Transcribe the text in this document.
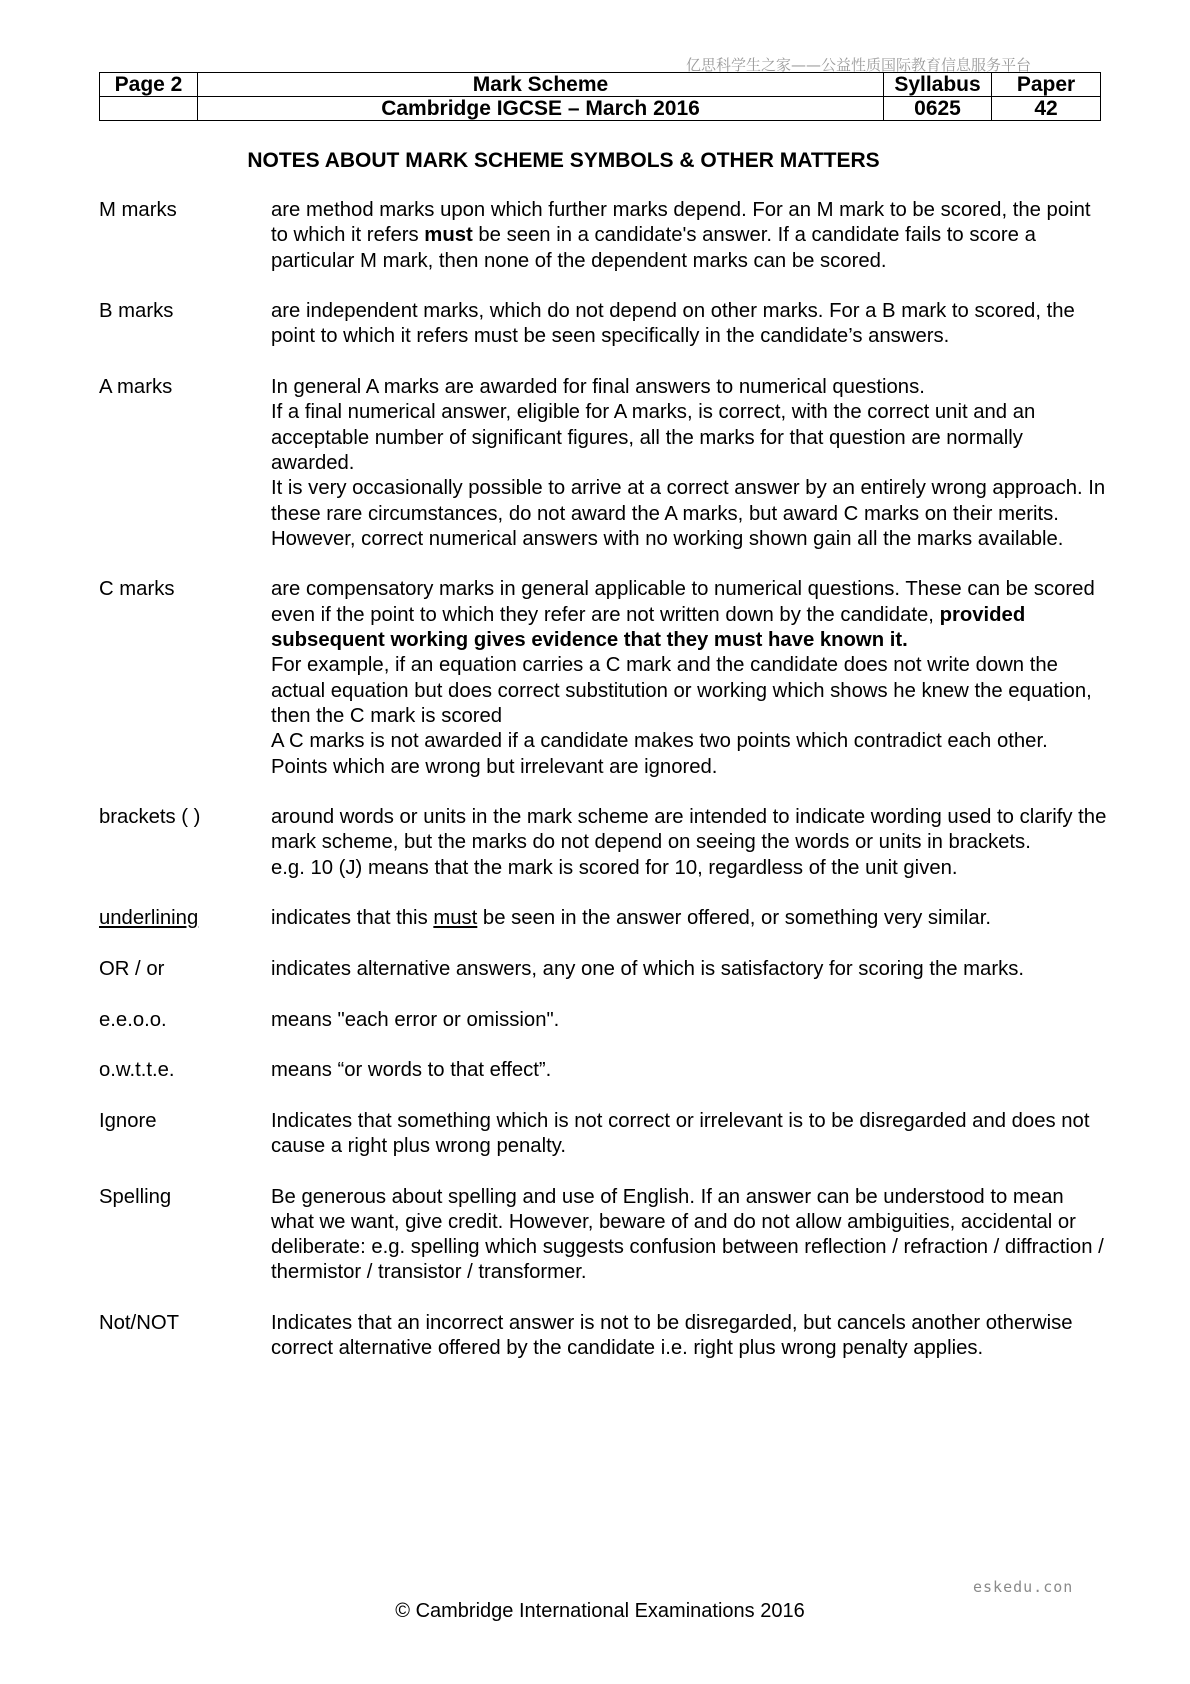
亿思科学生之家——公益性质国际教育信息服务平台
Page 2	Mark Scheme	Syllabus	Paper
	Cambridge IGCSE – March 2016	0625	42
NOTES ABOUT MARK SCHEME SYMBOLS & OTHER MATTERS
M marks	are method marks upon which further marks depend. For an M mark to be scored, the point to which it refers must be seen in a candidate's answer. If a candidate fails to score a particular M mark, then none of the dependent marks can be scored.

B marks	are independent marks, which do not depend on other marks. For a B mark to scored, the point to which it refers must be seen specifically in the candidate’s answers.

A marks	In general A marks are awarded for final answers to numerical questions.

If a final numerical answer, eligible for A marks, is correct, with the correct unit and an acceptable number of significant figures, all the marks for that question are normally awarded.

It is very occasionally possible to arrive at a correct answer by an entirely wrong approach. In these rare circumstances, do not award the A marks, but award C marks on their merits. However, correct numerical answers with no working shown gain all the marks available.

C marks	are compensatory marks in general applicable to numerical questions. These can be scored even if the point to which they refer are not written down by the candidate, provided subsequent working gives evidence that they must have known it.

For example, if an equation carries a C mark and the candidate does not write down the actual equation but does correct substitution or working which shows he knew the equation, then the C mark is scored

A C marks is not awarded if a candidate makes two points which contradict each other. Points which are wrong but irrelevant are ignored.

brackets ( )	around words or units in the mark scheme are intended to indicate wording used to clarify the mark scheme, but the marks do not depend on seeing the words or units in brackets.

e.g. 10 (J) means that the mark is scored for 10, regardless of the unit given.

underlining	indicates that this must be seen in the answer offered, or something very similar.

OR / or	indicates alternative answers, any one of which is satisfactory for scoring the marks.

e.e.o.o.	means "each error or omission".

o.w.t.t.e.	means “or words to that effect”.

Ignore	Indicates that something which is not correct or irrelevant is to be disregarded and does not cause a right plus wrong penalty.

Spelling	Be generous about spelling and use of English. If an answer can be understood to mean what we want, give credit. However, beware of and do not allow ambiguities, accidental or deliberate: e.g. spelling which suggests confusion between reflection / refraction / diffraction / thermistor / transistor / transformer.

Not/NOT	Indicates that an incorrect answer is not to be disregarded, but cancels another otherwise correct alternative offered by the candidate i.e. right plus wrong penalty applies.

eskedu.con
© Cambridge International Examinations 2016
